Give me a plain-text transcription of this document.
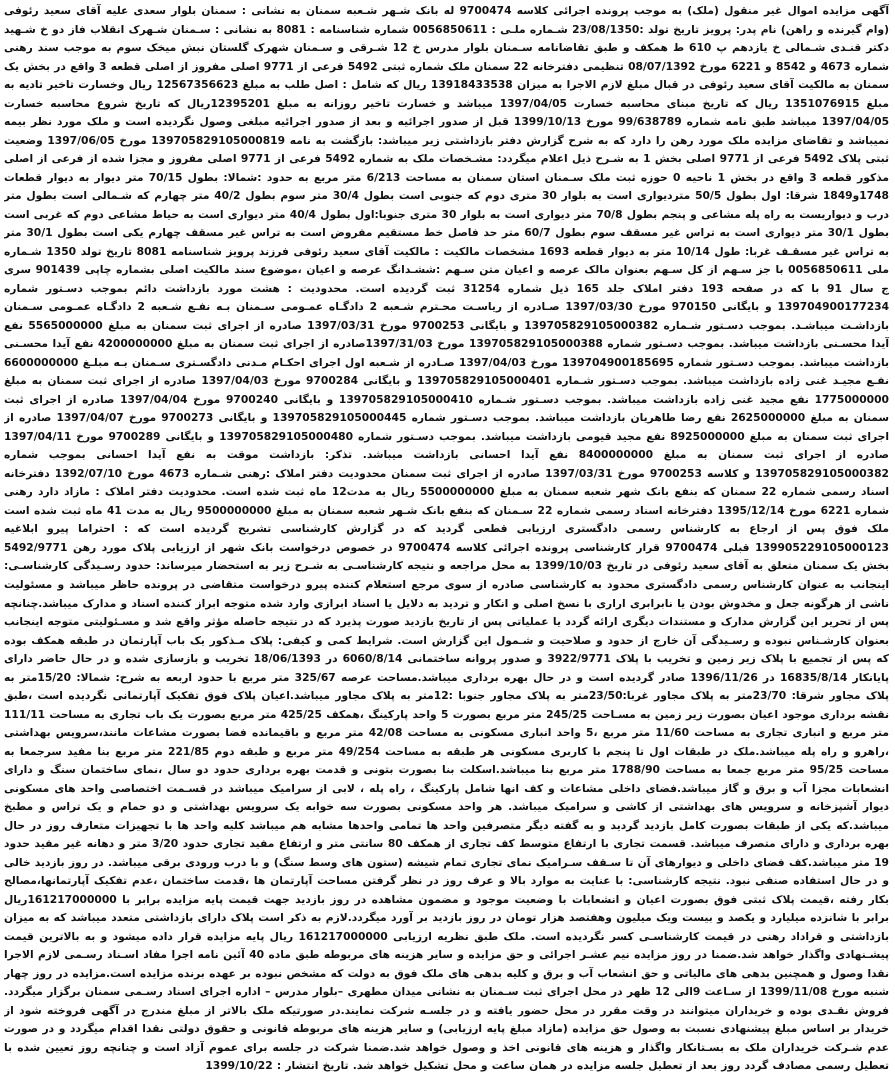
آگهی مزایده اموال غیر منقول (ملک) به موجب پرونده اجرائی کلاسه 9700474 له بانک شـهر شـعبه سمنان به نشانی : سمنان بلوار سعدی علیه آقای سعید رئوفی (وام گیرنده و راهن) نام پدر: پرویز تاریخ تولد :23/08/1350 شـماره ملـی : 0056850611 شماره شناسنامه : 8081 به نشانی : سـمنان شـهرک انقلاب فاز دو خ شـهید دکتر قنـدی شـمالی خ یازدهم پ 610 ط همکف و طبق تقاضانامه سـمنان بلوار مدرس خ 12 شـرقی و سـمنان شهرک گلستان نبش میخک سوم به موجب سند رهنی شماره 4673 و 8542 و 6221 مورخ 08/07/1392 تنظیمی دفترخانه 22 سمنان ملک شماره ثبتی 5492 فرعی از 9771 اصلی مفروز از اصلی قطعه 3 واقع در بخش یک سمنان به مالکیت آقای سعید رئوفی در قبال مبلغ لازم الاجرا به میزان 13918433538 ریال که شامل : اصل طلب به مبلغ 12567356623 ریال وخسارت تاخیر تادیه به مبلغ 1351076915 ریال که تاریخ مبنای محاسبه خسارت 1397/04/05 میباشد و خسارت تاخیر روزانه به مبلغ 12395201ریال که تاریخ شروع محاسبه خسارت 1397/04/05 میباشد طبق نامه شماره 99/638789 مورخ 1399/10/13 قبل از صدور اجرائیه و بعد از صدور اجرائیه مبلغی وصول نگردیده است و ملک مورد نظر بیمه نمیباشد و تقاضای مزایده ملک مورد رهن را دارد که به شرح گزارش دفتر بازداشتی زیر میباشد: بازگشت به نامه 139705829105000819 مورخ 1397/06/05 وضعیت ثبتی پلاک 5492 فرعی از 9771 اصلی بخش 1 به شـرح ذیل اعلام میگردد: مشـخصات ملک به شماره 5492 فرعی از 9771 اصلی مفروز و مجزا شده از فرعی از اصلی مذکور قطعه 3 واقع در بخش 1 ناحیه 0 حوزه ثبت ملک سـمنان استان سمنان به مساحت 6/213 متر مربع به حدود :شمالا: بطول 70/15 متر دیوار به دیوار قطعات 1748و1849 شرقا: اول بطول 50/5 متردیواری است به بلوار 30 متری دوم که جنوبی است بطول 30/4 متر سوم بطول 40/2 متر چهارم که شـمالی است بطول متر درب و دیواریست به راه پله مشاعی و پنجم بطول 70/8 متر دیواری است به بلوار 30 متری جنوبا:اول بطول 40/4 متر دیواری است به حیاط مشاعی دوم که غربی است بطول 30/1 متر دیواری است به تراس غیر مسقف سوم بطول 60/7 متر حد فاصل خط مستقیم مفروض است به تراس غیر مسقف چهارم یکی است بطول 30/1 متر به تراس غیر مسقـف غربا: طول 10/14 متر به دیوار قطعه 1693 مشخصات مالکیت : مالکیت آقای سعید رئوفی فرزند پرویز شناسنامه 8081 تاریخ تولد 1350 شـماره ملی 0056850611 با جز سـهم از کل سـهم بعنوان مالک عرصه و اعیان متن سـهم :ششـدانگ عرصه و اعیان ،موضوع سند مالکیت اصلی بشماره چاپی 901439 سری ج سال 91 با که در صفحه 193 دفتر املاک جلد 165 ذیل شماره 31254 ثبت گردیده است. محدودیت : هشت مورد بازداشت دائم بموجب دسـتور شماره 139704900177234 و بایگانی 970150 مورخ 1397/03/30 صـادره از ریاسـت محـترم شـعبه 2 دادگـاه عمـومی سـمنان بـه نفـع شـعبه 2 دادگـاه عمـومی سـمنان بازداشـت میباشـد. بموجب دسـتور شـماره 139705829105000382 و بایگانی 9700253 مورخ 1397/03/31 صادره از اجرای ثبت سمنان به مبلغ 5565000000 نفع آیدا محسـنی بازداشت میباشد. بموجب دسـتور شماره 139705829105000388 مورخ 1397/31/03صادره از اجرای ثبت سمنان به مبلغ 4200000000 نفع آیدا محسـنی بازداشت میباشد. بموجب دسـتور شماره 139704900185695 مورخ 1397/04/03 صـادره از شـعبه اول اجرای احکـام مـدنی دادگسـتری سـمنان بـه مبلـغ 6600000000 نفـع مجیـد غنی زاده بازداشت میباشد. بموجب دسـتور شـماره 139705829105000401 و بایگانی 9700284 مورخ 1397/04/03 صادره از اجرای ثبت سمنان به مبلغ 1775000000 نفع مجید غنی زاده بازداشت میباشد. بموجب دسـتور شـماره 139705829105000410 و بایگانی 9700240 مورخ 1397/04/04 صادره از اجرای ثبت سمنان به مبلغ 2625000000 نفع رضا طاهریان بازداشت میباشد. بموجب دسـتور شماره 139705829105000445 و بایگانی 9700273 مورخ 1397/04/07 صادره از اجرای ثبت سمنان به مبلغ 8925000000 نفع مجید قیومی بازداشت میباشد. بموجب دسـتور شماره 139705829105000480 و بایگانی 9700289 مورخ 1397/04/11 صادره از اجرای ثبت سمنان به مبلغ 8400000000 نفع آیدا احسانی بازداشت میباشد. تذکر: بازداشت موقت به نفع آیدا احسانی بموجب شماره 139705829105000382 و کلاسه 9700253 مورخ 1397/03/31 صادره از اجرای ثبت سمنان محدودیت دفتر املاک :رهنی شـماره 4673 مورخ 1392/07/10 دفترخانه اسناد رسمی شماره 22 سمنان که بنفع بانک شهر شعبه سمنان به مبلغ 5500000000 ریال به مدت12 ماه ثبت شده است. محدودیت دفتر املاک : مازاد دارد رهنی شماره 6221 مورخ 1395/12/14 دفترخانه اسناد رسمی شماره 22 سـمنان که بنفع بانک شـهر شعبه سمنان به مبلغ 9500000000 ریال به مدت 41 ماه ثبت شده است ملک فوق پس از ارجاع به کارشناس رسمی دادگستری ارزیابی قطعی گردید که در گزارش کارشناسی تشریح گردیده است که : احتراما پیرو ابلاغیه 139905229105000123 قبلی 9700474 قرار کارشناسی پرونده اجرائی کلاسه 9700474 در خصوص درخواست بانک شهر از ارزیابی پلاک مورد رهن 5492/9771 بخش یک سمنان متعلق به آقای سعید رئوفی در تاریخ 1399/10/03 به محل مراجعه و نتیجه کارشناسـی به شـرح زیر به استحضار میرساند: حدود رسـیدگی کارشناسـی: اینجانب به عنوان کارشناس رسمی دادگستری محدود به کارشناسی صادره از سوی مرجع استعلام کننده پیرو درخواست متقاضی در پرونده حاظر میباشد و مسئولیت ناشی از هرگونه جعل و مخدوش بودن یا نابرابری اراری با نسخ اصلی و انکار و تردید به دلایل یا اسناد ابرازی وارد شده متوجه ابراز کننده اسناد و مدارک میباشد.چنانچه پس از تحریر این گزارش مدارک و مستندات دیگری ارائه گردد یا عملیاتی پس از تاریخ بازدید صورت پذیرد که در نتیجه حاصله مؤثر واقع شد و مسـئولیتی متوجه اینجانب بعنوان کارشـناس نبوده و رسـیدگی آن خارج از حدود و صلاحیت و شـمول این گزارش است. شرایط کمی و کیفی: پلاک مـذکور یک باب آپارتمان در طبقه همکف بوده که پس از تجمیع با پلاک زیر زمین و تخریب با پلاک 3922/9771 و صدور پروانه ساختمانی 6060/8/14 در 18/06/1393 تخریب و بازسازی شده و در حال حاضر دارای پایانکار 16835/8/14 در 1396/11/26 صادر گردیده است و در حال بهره برداری میباشد.مساحت عرصه 325/67 متر مربع با حدود اربعه به شرح: شمالا: 15/20متر به پلاک مجاور شرقا: 23/70متر به پلاک مجاور غربا:23/50متر به پلاک مجاور جنوبا :12متر به پلاک مجاور میباشد.اعیان پلاک فوق تفکیک آپارتمانی نگردیده است ،طبق نقشه برداری موجود اعیان بصورت زیر زمین به مسـاحت 245/25 متر مربع بصورت 5 واحد پارکینگ ،همکف 425/25 متر مربع بصورت یک باب تجاری به مساحت 111/11 متر مربع و انباری تجاری به مساحت 11/60 متر مربع ،5 واحد انباری مسکونی به مساحت 42/08 متر مربع و باقیمانده فضا بصورت مشاعات مانند،سرویس بهداشتی ،راهرو و راه پله میباشد.ملک در طبقات اول تا پنجم با کاربری مسکونی هر طبقه به مساحت 49/254 متر مربع و طبقه دوم 221/85 متر مربع بنا مفید سرجمعا به مساحت 95/25 متر مربع جمعا به مساحت 1788/90 متر مربع بنا میباشد.اسکلت بنا بصورت بتونی و قدمت بهره برداری حدود دو سال ،نمای ساختمان سنگ و دارای انشعابات مجزا آب و برق و گاز میباشد.فضای داخلی مشاعات و کف انها شامل پارکینگ ، راه پله ، لابی از سرامیک میباشد در قسـمت اختصاصی واحد های مسکونی دیوار آشپزخانه و سرویس های بهداشتی از کاشی و سرامیک میباشد. هر واحد مسکونی بصورت سه خوابه یک سرویس بهداشتی و دو حمام و یک تراس و مطبخ میباشد.که یکی از طبقات بصورت کامل بازدید گردید و به گفته دیگر متصرفین واحد ها تمامی واحدها مشابه هم میباشد کلیه واحد ها با تجهیزات متعارف روز در حال بهره برداری و دارای متصرف میباشد. قسمت تجاری با ارتفاع متوسط کف تجاری از همکف 80 سانتی متر و ارتفاع مفید تجاری حدود 3/20 متر و دهانه غیر مفید حدود 19 متر میباشد.کف فضای داخلی و دیوارهای آن تا سـقف سـرامیک نمای تجاری تمام شیشه (ستون های وسط سنگ) و با درب ورودی برقی میباشد. در روز بازدید خالی و در حال استفاده صنفی نبود. نتیجه کارشناسی: با عنایت به موارد بالا و عرف روز در نظر گرفتن مساحت آپارتمان ها ،قدمت ساختمان ،عدم تفکیک آپارتمانها،مصالح بکار رفته ،قیمت پلاک ثبتی فوق بصورت اعیان و انشعابات با وضعیت موجود و مضمون مشاهده در روز بازدید جهت قیمت پایه مزایده برابر با 161217000000ریال برابر با شانزده میلیارد و یکصد و بیست ویک میلیون وهفتصد هزار تومان در روز بازدید بر آورد میگردد.لازم به ذکر است پلاک دارای بازداشتی متعدد میباشد که به میزان بازداشتی و قراداد رهنی در قیمت کارشناسـی کسر نگردیده است. ملک طبق نظریه ارزیابی 161217000000 ریال پایه مزایده قرار داده میشود و به بالاترین قیمت پیشـنهادی واگذار خواهد شد.ضمنا در روز مزایده نیم عشـر اجرائی و حق مزایده و سایر هزینه های مربوطه طبق ماده 40 آئین نامه اجرا مفاد اسـناد رسـمی لازم الاجرا نقدا وصول و همچنین بدهی های مالیاتی و حق انشعاب آب و برق و کلیه بدهی های ملک فوق به دولت که مشخص نبوده بر عهده برنده مزایده است.مزایده در روز چهار شنبه مورخ 1399/11/08 از سـاعت 9الی 12 ظهر در محل اجرای ثبت سـمنان به نشانی میدان مطهری –بلوار مدرس – اداره اجرای اسناد رسـمی سمنان برگزار میگردد. فروش نقـدی بوده و خریداران میتوانند در وقت مقرر در محل حضور یافته و در جلسـه شرکت نمایند.در صورتیکه ملک بالاتر از مبلغ مندرج در آگهی فروخته شود از خریدار بر اساس مبلغ پیشنهادی نسبت به وصول حق مزایده (مازاد مبلغ پایه ارزیابی) و سایر هزینه های مربوطه قانونی و حقوق دولتی نقدا اقدام میگردد و در صورت عدم شـرکت خریداران ملک به بسـتانکار واگذار و هزینه های قانونی اخذ و وصول خواهد شد.ضمنا شرکت در جلسه برای عموم آزاد است و چنانچه روز تعیین شده با تعطیل رسمی مصادف گردد روز بعد از تعطیل جلسه مزایده در همان ساعت و محل تشکیل خواهد شد. تاریخ انتشار : 1399/10/22
